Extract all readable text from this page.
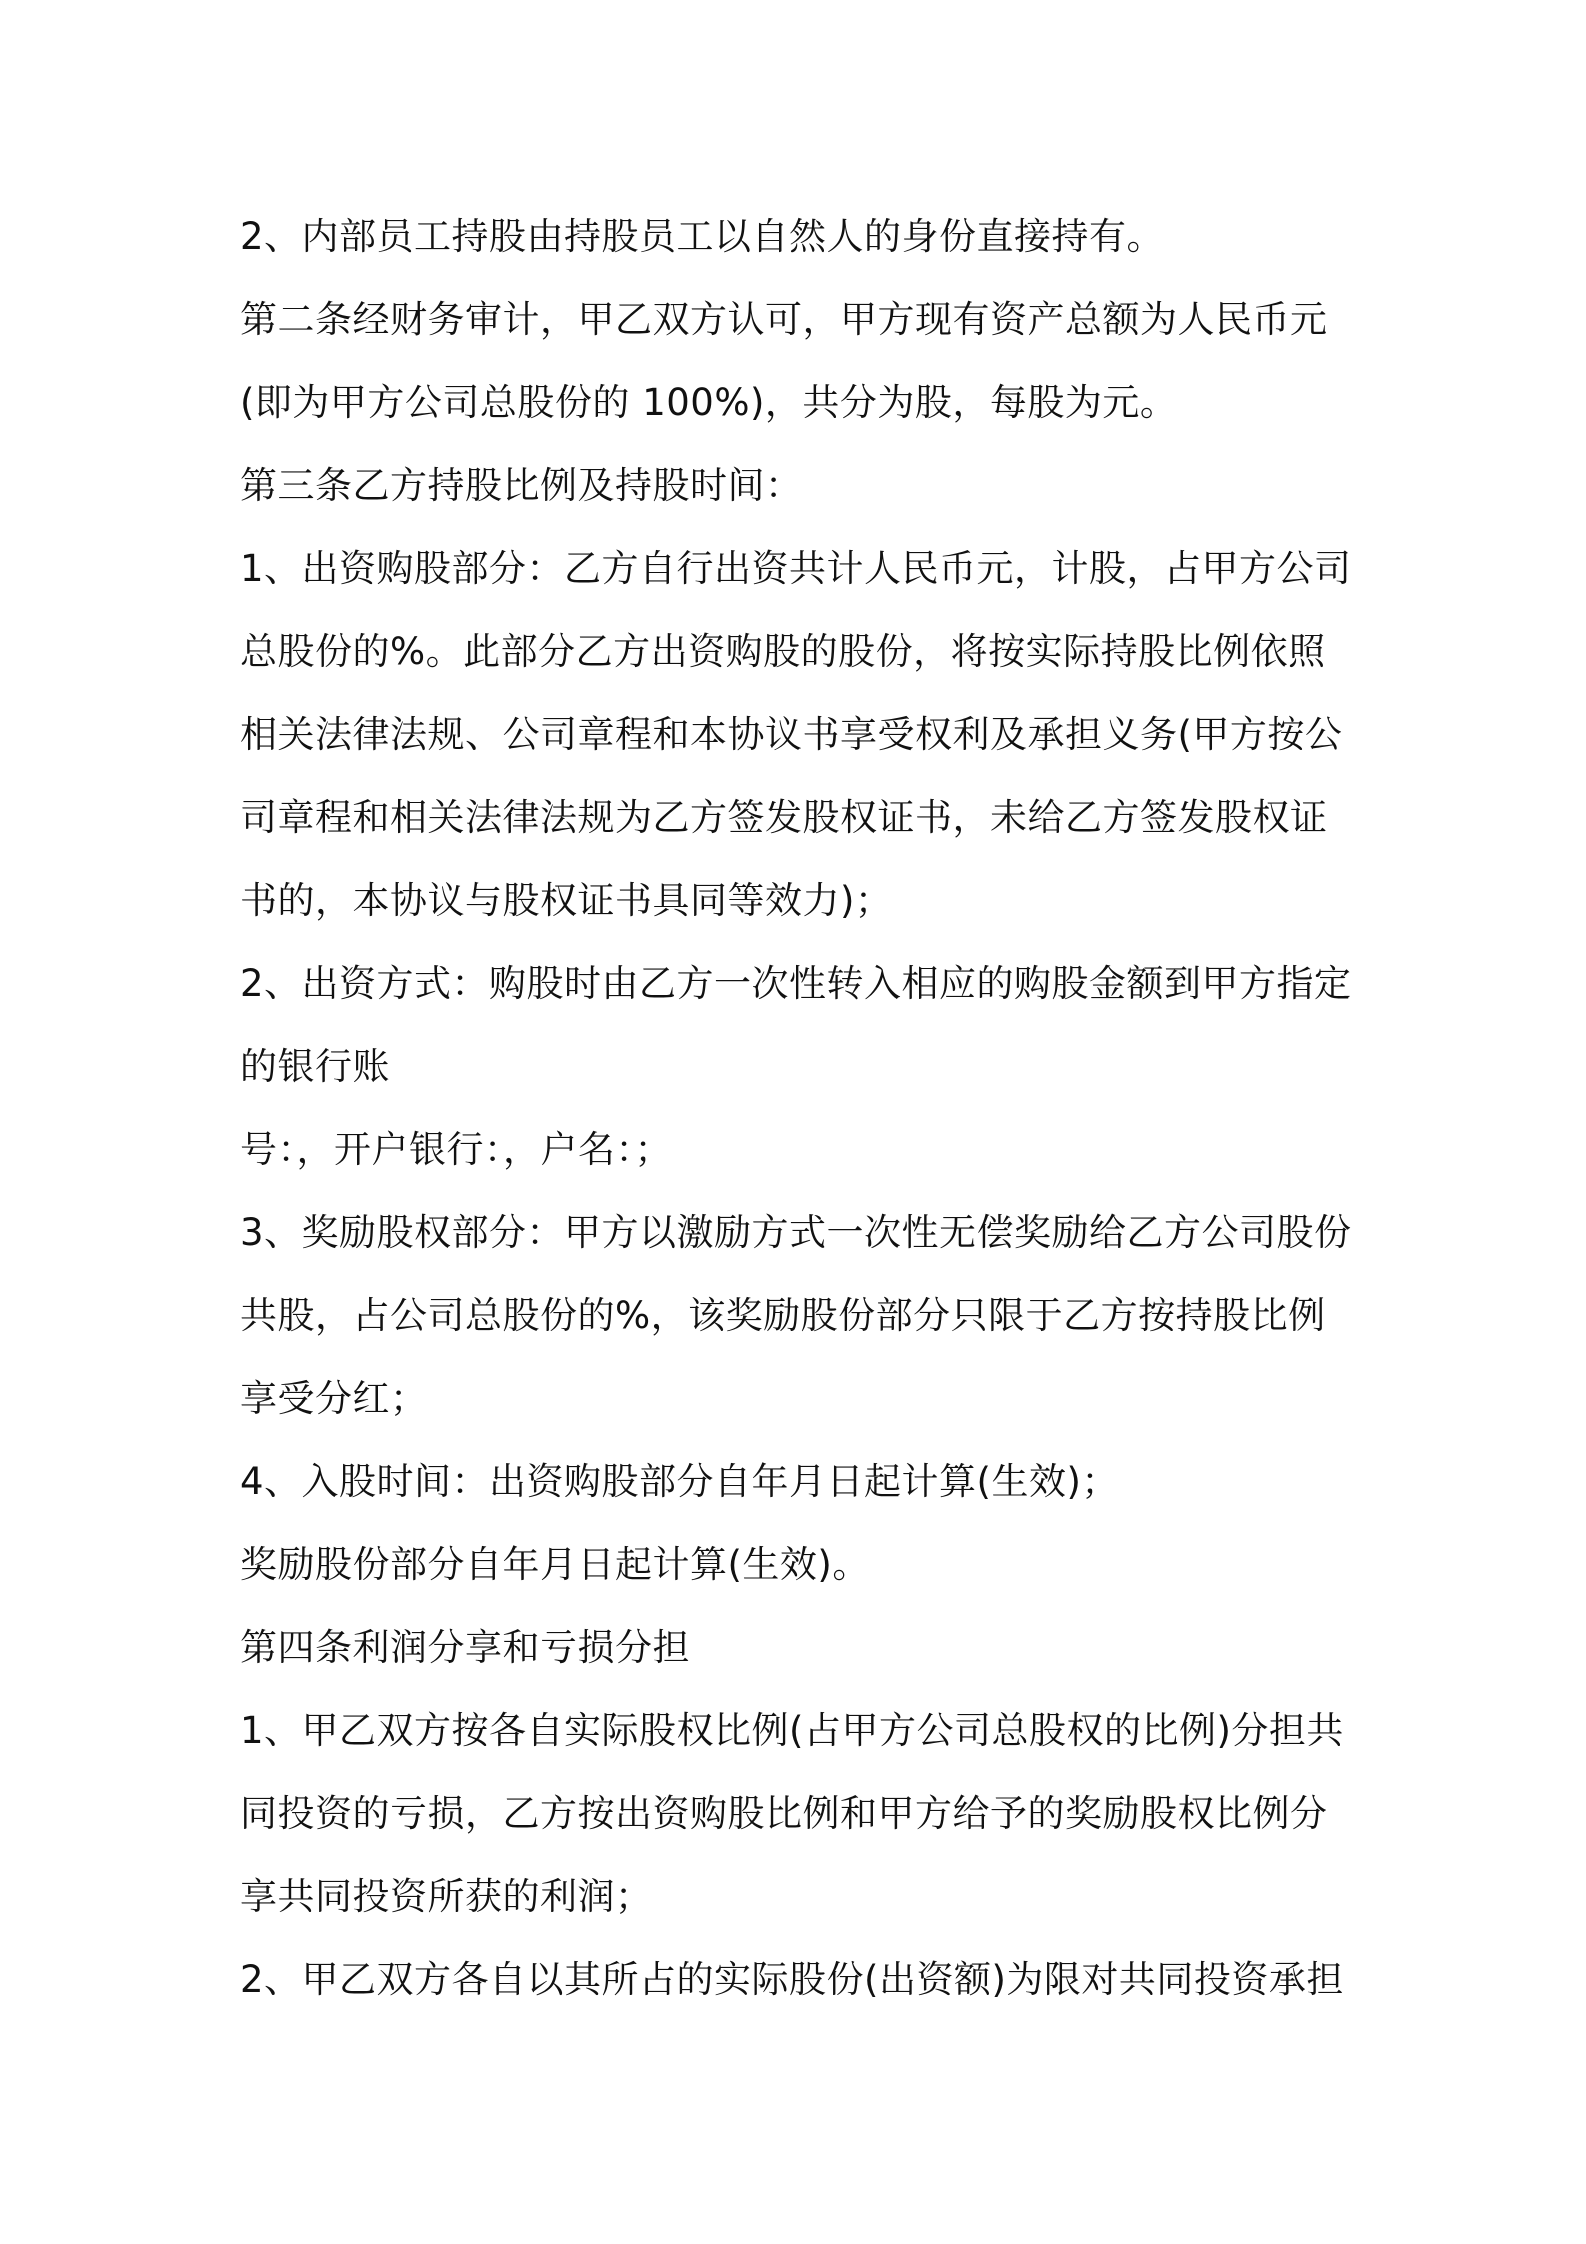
2、内部员工持股由持股员工以自然人的身份直接持有。

第二条经财务审计，甲乙双方认可，甲方现有资产总额为人民币元(即为甲方公司总股份的 100%)，共分为股，每股为元。

第三条乙方持股比例及持股时间：

1、出资购股部分：乙方自行出资共计人民币元，计股，占甲方公司总股份的%。此部分乙方出资购股的股份，将按实际持股比例依照相关法律法规、公司章程和本协议书享受权利及承担义务(甲方按公司章程和相关法律法规为乙方签发股权证书，未给乙方签发股权证书的，本协议与股权证书具同等效力)；

2、出资方式：购股时由乙方一次性转入相应的购股金额到甲方指定的银行账

号：，开户银行：，户名：；

3、奖励股权部分：甲方以激励方式一次性无偿奖励给乙方公司股份共股，占公司总股份的%，该奖励股份部分只限于乙方按持股比例享受分红；

4、入股时间：出资购股部分自年月日起计算(生效)；

奖励股份部分自年月日起计算(生效)。

第四条利润分享和亏损分担

1、甲乙双方按各自实际股权比例(占甲方公司总股权的比例)分担共同投资的亏损，乙方按出资购股比例和甲方给予的奖励股权比例分享共同投资所获的利润；

2、甲乙双方各自以其所占的实际股份(出资额)为限对共同投资承担
